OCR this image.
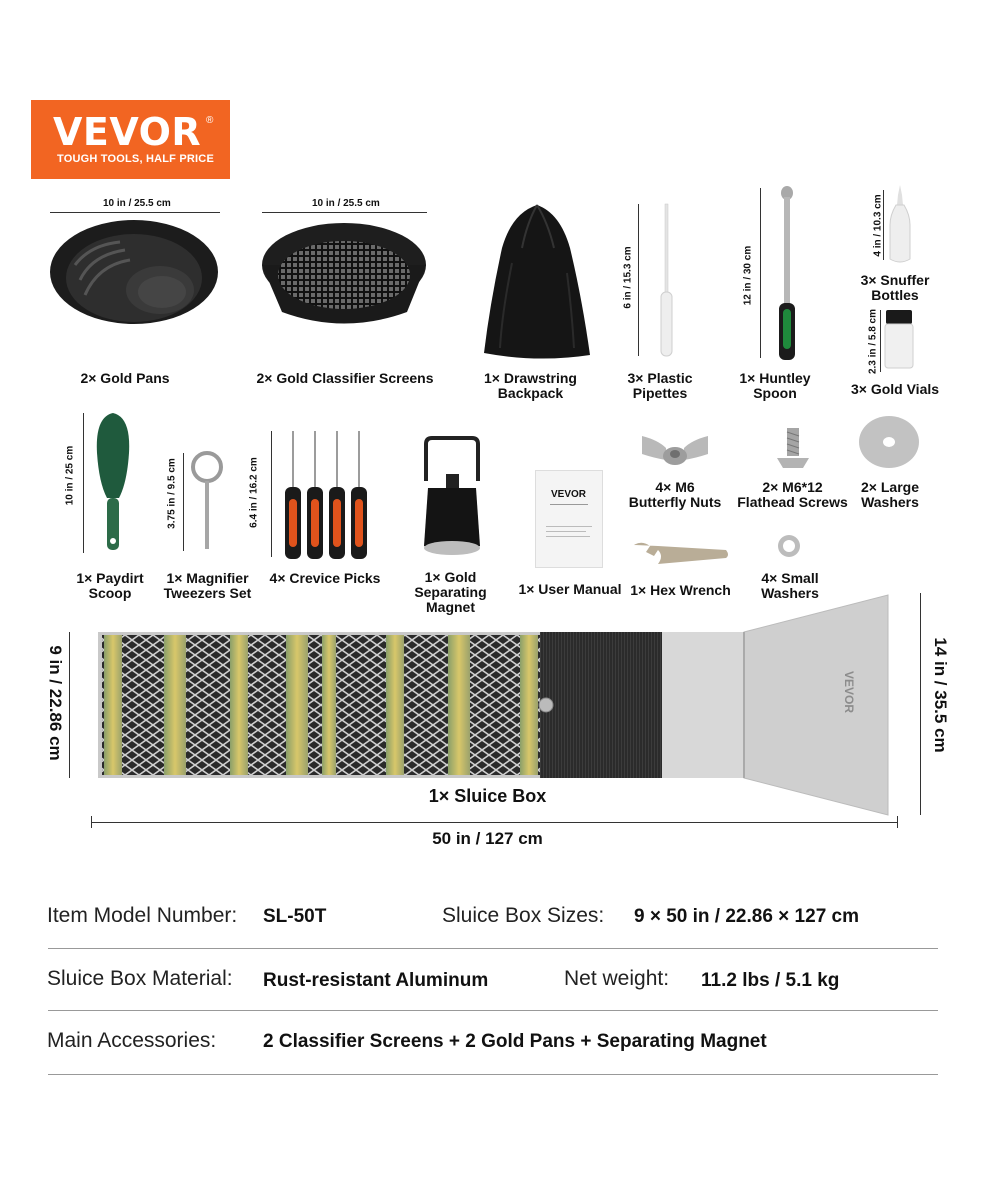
VEVOR ®
TOUGH TOOLS, HALF PRICE
10 in / 25.5 cm
2× Gold Pans
10 in / 25.5 cm
2× Gold Classifier Screens	1× Drawstring
Backpack
6 in / 15.3 cm
3× Plastic
Pipettes
12 in / 30 cm
1× Huntley
Spoon
4 in / 10.3 cm
3× Snuffer
Bottles
2.3 in / 5.8 cm
3× Gold Vials
10 in / 25 cm
1× Paydirt
Scoop
3.75 in / 9.5 cm
1× Magnifier
Tweezers Set
6.4 in / 16.2 cm
4× Crevice Picks	1× Gold
Separating Magnet
VEVOR
1× User Manual
4× M6
Butterfly Nuts
2× M6*12
Flathead Screws
2× Large
Washers
1× Hex Wrench
4× Small
Washers
9 in / 22.86 cm	VEVOR	14 in / 35.5 cm
1× Sluice Box
50 in / 127 cm
Item Model Number: SL-50T	Sluice Box Sizes: 9 × 50 in / 22.86 × 127 cm
Sluice Box Material: Rust-resistant Aluminum	Net weight: 11.2 lbs / 5.1 kg
Main Accessories: 2 Classifier Screens + 2 Gold Pans + Separating Magnet
